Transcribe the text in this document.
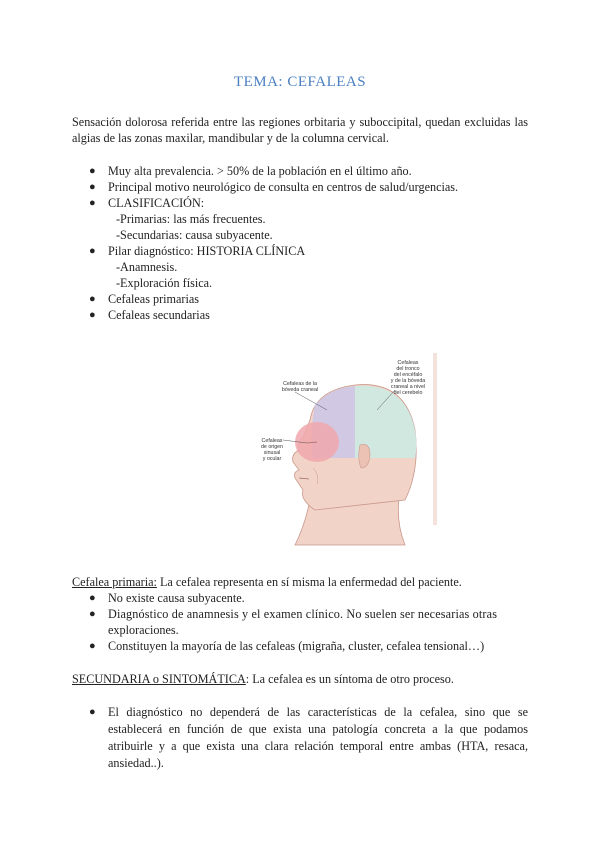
TEMA: CEFALEAS
Sensación dolorosa referida entre las regiones orbitaria y suboccipital, quedan excluidas las algias de las zonas maxilar, mandibular y de la columna cervical.
● Muy alta prevalencia. > 50% de la población en el último año.
● Principal motivo neurológico de consulta en centros de salud/urgencias.
● CLASIFICACIÓN:
-Primarias: las más frecuentes.
-Secundarias: causa subyacente.
● Pilar diagnóstico: HISTORIA CLÍNICA
-Anamnesis.
-Exploración física.
● Cefaleas primarias
● Cefaleas secundarias
Cefaleas de la
bóveda craneal
Cefaleas
de origen
sinusal
y ocular
Cefaleas
del tronco
del encéfalo
y de la bóveda
craneal a nivel
del cerebelo
Cefalea primaria: La cefalea representa en sí misma la enfermedad del paciente.
● No existe causa subyacente.
● Diagnóstico de anamnesis y el examen clínico. No suelen ser necesarias otras
exploraciones.
● Constituyen la mayoría de las cefaleas (migraña, cluster, cefalea tensional…)
SECUNDARIA o SINTOMÁTICA: La cefalea es un síntoma de otro proceso.
● El diagnóstico no dependerá de las características de la cefalea, sino que se establecerá en función de que exista una patología concreta a la que podamos atribuirle y a que exista una clara relación temporal entre ambas (HTA, resaca, ansiedad..).
